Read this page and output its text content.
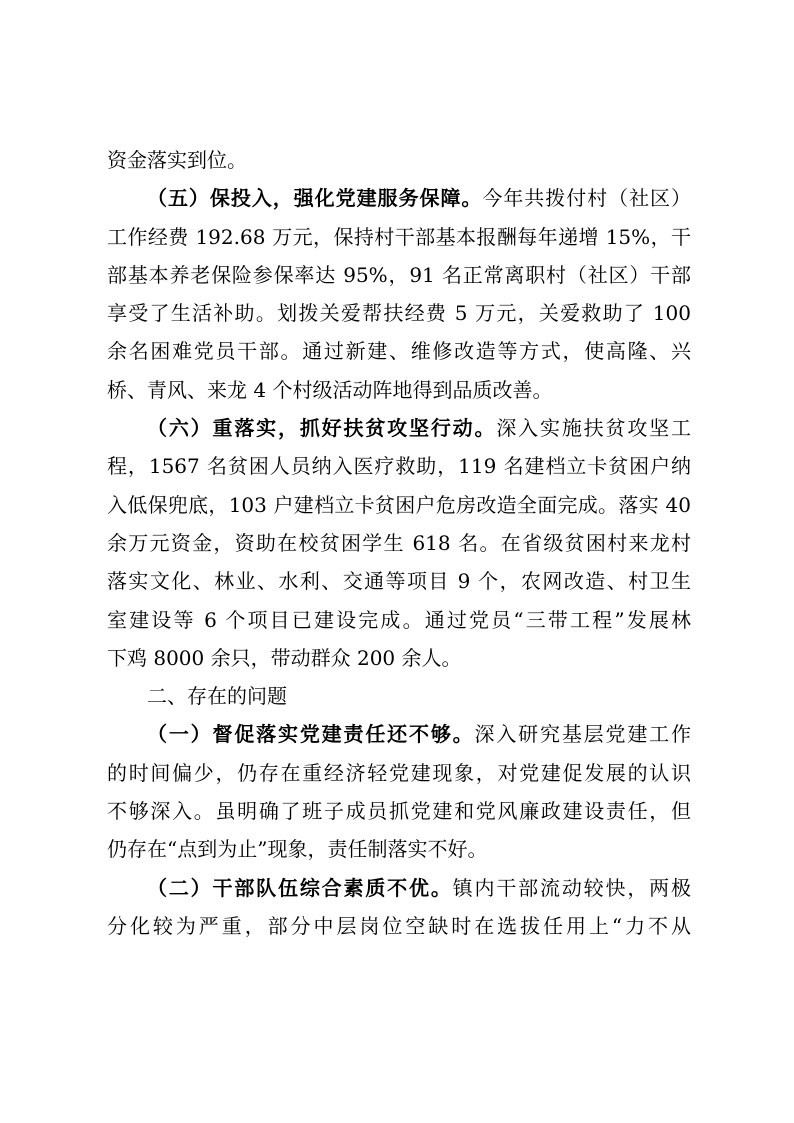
资金落实到位。
（五）保投入，强化党建服务保障。今年共拨付村（社区）
工作经费 192.68 万元，保持村干部基本报酬每年递增 15%，干
部基本养老保险参保率达 95%，91 名正常离职村（社区）干部
享受了生活补助。划拨关爱帮扶经费 5 万元，关爱救助了 100
余名困难党员干部。通过新建、维修改造等方式，使高隆、兴
桥、青风、来龙 4 个村级活动阵地得到品质改善。
（六）重落实，抓好扶贫攻坚行动。深入实施扶贫攻坚工
程，1567 名贫困人员纳入医疗救助，119 名建档立卡贫困户纳
入低保兜底，103 户建档立卡贫困户危房改造全面完成。落实 40
余万元资金，资助在校贫困学生 618 名。在省级贫困村来龙村
落实文化、林业、水利、交通等项目 9 个，农网改造、村卫生
室建设等 6 个项目已建设完成。通过党员“三带工程”发展林
下鸡 8000 余只，带动群众 200 余人。
二、存在的问题
（一）督促落实党建责任还不够。深入研究基层党建工作
的时间偏少，仍存在重经济轻党建现象，对党建促发展的认识
不够深入。虽明确了班子成员抓党建和党风廉政建设责任，但
仍存在“点到为止”现象，责任制落实不好。
（二）干部队伍综合素质不优。镇内干部流动较快，两极
分化较为严重，部分中层岗位空缺时在选拔任用上“力不从
